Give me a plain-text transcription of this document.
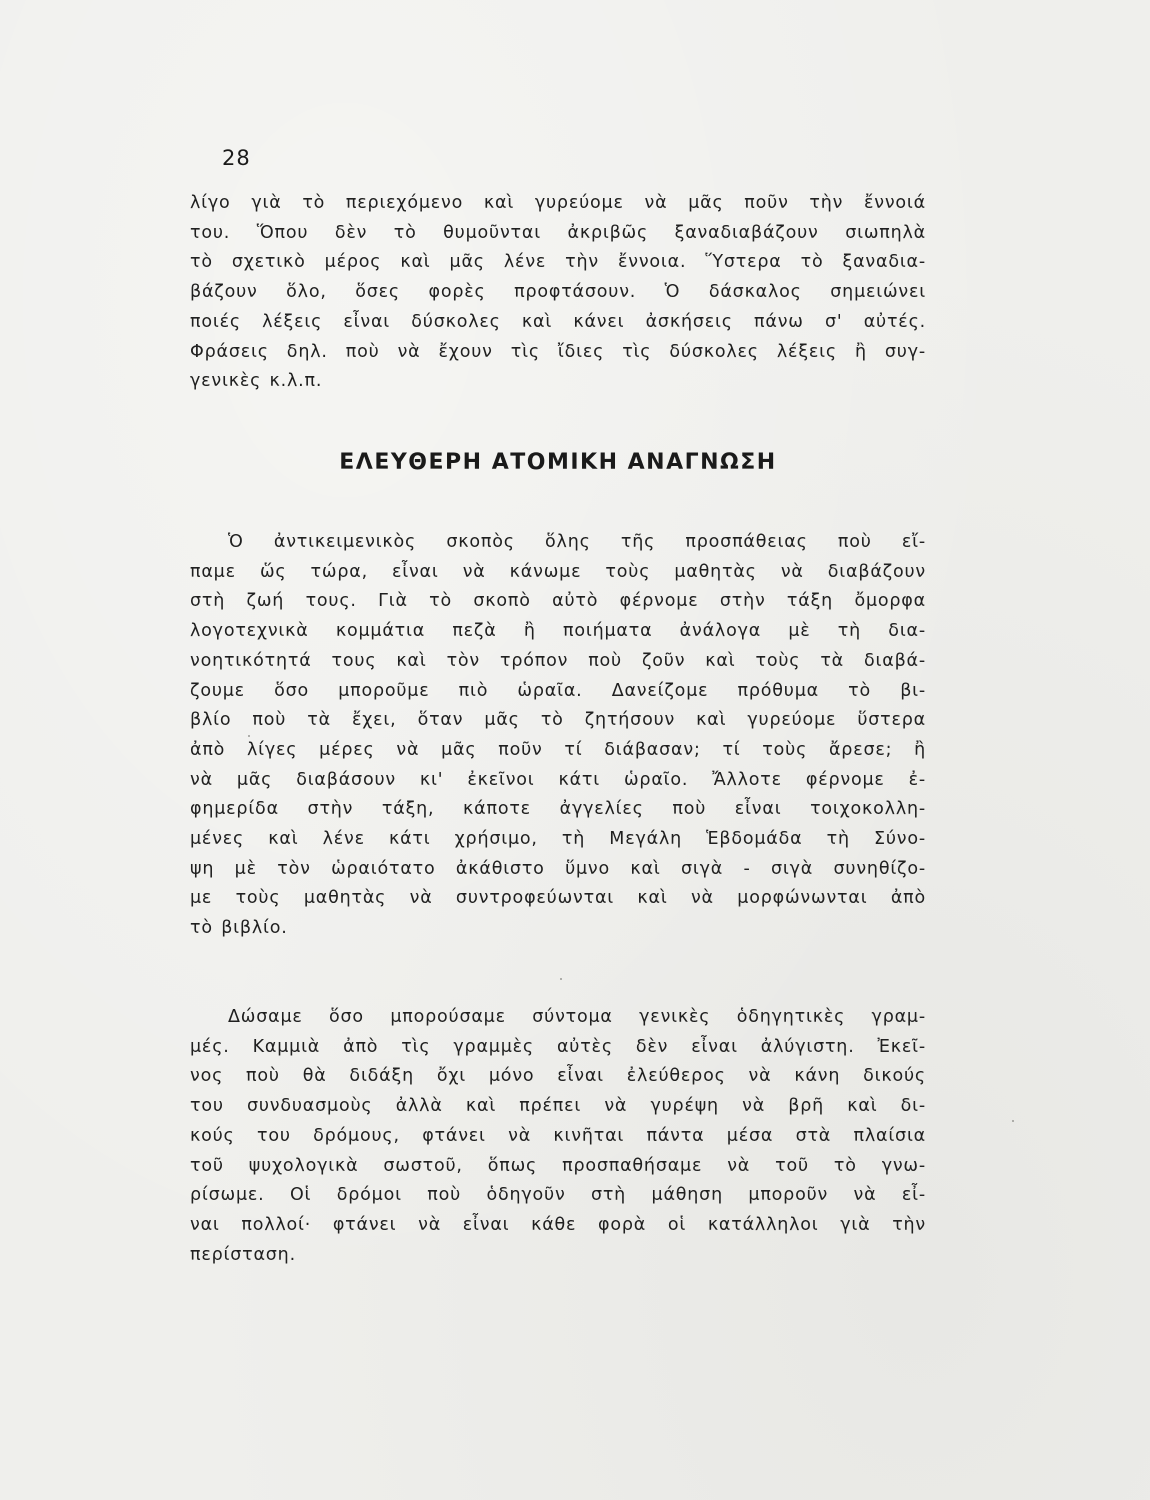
28

λίγο γιὰ τὸ περιεχόμενο καὶ γυρεύομε νὰ μᾶς ποῦν τὴν ἔννοιά
του. Ὅπου δὲν τὸ θυμοῦνται ἀκριβῶς ξαναδιαβάζουν σιωπηλὰ
τὸ σχετικὸ μέρος καὶ μᾶς λένε τὴν ἔννοια. Ὕστερα τὸ ξαναδια-
βάζουν ὅλο, ὅσες φορὲς προφτάσουν. Ὁ δάσκαλος σημειώνει
ποιές λέξεις εἶναι δύσκολες καὶ κάνει ἀσκήσεις πάνω σ' αὐτές.
Φράσεις δηλ. ποὺ νὰ ἔχουν τὶς ἴδιες τὶς δύσκολες λέξεις ἢ συγ-
γενικὲς κ.λ.π.
ΕΛΕΥΘΕΡΗ ΑΤΟΜΙΚΗ ΑΝΑΓΝΩΣΗ
Ὁ ἀντικειμενικὸς σκοπὸς ὅλης τῆς προσπάθειας ποὺ εἴ-
παμε ὥς τώρα, εἶναι νὰ κάνωμε τοὺς μαθητὰς νὰ διαβάζουν
στὴ ζωή τους. Γιὰ τὸ σκοπὸ αὐτὸ φέρνομε στὴν τάξη ὄμορφα
λογοτεχνικὰ κομμάτια πεζὰ ἢ ποιήματα ἀνάλογα μὲ τὴ δια-
νοητικότητά τους καὶ τὸν τρόπον ποὺ ζοῦν καὶ τοὺς τὰ διαβά-
ζουμε ὅσο μποροῦμε πιὸ ὡραῖα. Δανείζομε πρόθυμα τὸ βι-
βλίο ποὺ τὰ ἔχει, ὅταν μᾶς τὸ ζητήσουν καὶ γυρεύομε ὕστερα
ἀπὸ λίγες μέρες νὰ μᾶς ποῦν τί διάβασαν; τί τοὺς ἄρεσε; ἢ
νὰ μᾶς διαβάσουν κι' ἐκεῖνοι κάτι ὡραῖο. Ἄλλοτε φέρνομε ἐ-
φημερίδα στὴν τάξη, κάποτε ἀγγελίες ποὺ εἶναι τοιχοκολλη-
μένες καὶ λένε κάτι χρήσιμο, τὴ Μεγάλη Ἑβδομάδα τὴ Σύνο-
ψη μὲ τὸν ὡραιότατο ἀκάθιστο ὕμνο καὶ σιγὰ - σιγὰ συνηθίζο-
με τοὺς μαθητὰς νὰ συντροφεύωνται καὶ νὰ μορφώνωνται ἀπὸ
τὸ βιβλίο.
Δώσαμε ὅσο μπορούσαμε σύντομα γενικὲς ὁδηγητικὲς γραμ-
μές. Καμμιὰ ἀπὸ τὶς γραμμὲς αὐτὲς δὲν εἶναι ἀλύγιστη. Ἐκεῖ-
νος ποὺ θὰ διδάξη ὄχι μόνο εἶναι ἐλεύθερος νὰ κάνη δικούς
του συνδυασμοὺς ἀλλὰ καὶ πρέπει νὰ γυρέψη νὰ βρῆ καὶ δι-
κούς του δρόμους, φτάνει νὰ κινῆται πάντα μέσα στὰ πλαίσια
τοῦ ψυχολογικὰ σωστοῦ, ὅπως προσπαθήσαμε νὰ τοῦ τὸ γνω-
ρίσωμε. Οἱ δρόμοι ποὺ ὁδηγοῦν στὴ μάθηση μποροῦν νὰ εἶ-
ναι πολλοί· φτάνει νὰ εἶναι κάθε φορὰ οἱ κατάλληλοι γιὰ τὴν
περίσταση.
